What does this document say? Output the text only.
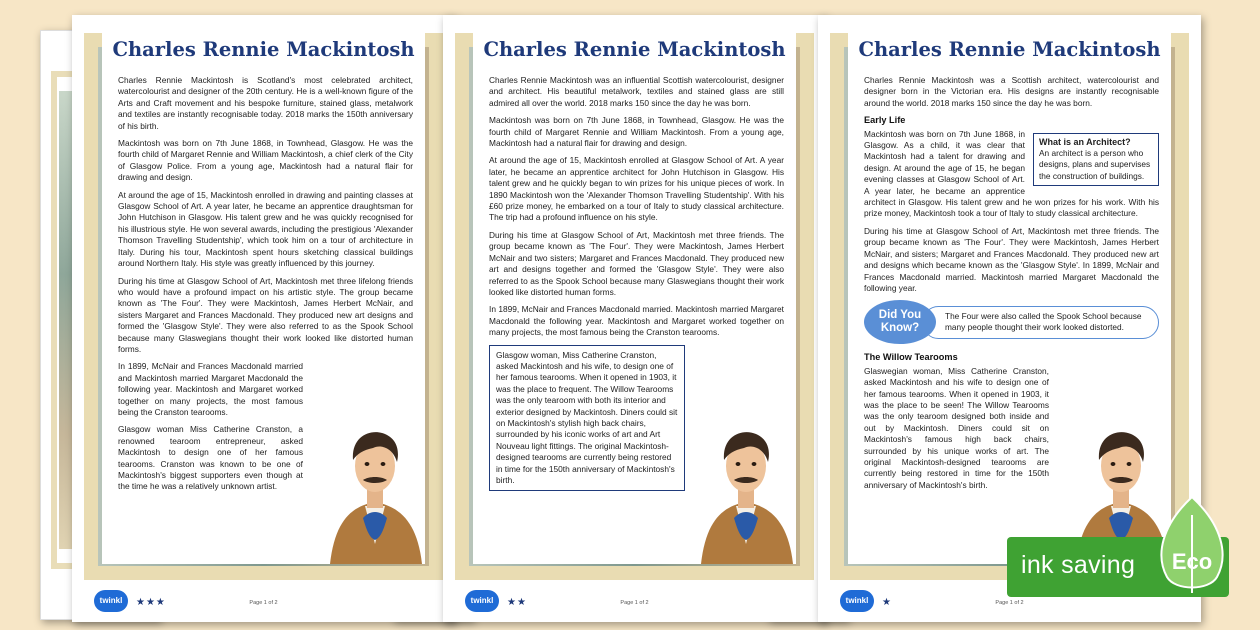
Charles Rennie Mackintosh

Charles Rennie Mackintosh is Scotland's most celebrated architect, watercolourist and designer of the 20th century. He is a well-known figure of the Arts and Craft movement and his bespoke furniture, stained glass, metalwork and textiles are instantly recognisable today. 2018 marks the 150th anniversary of his birth.

Mackintosh was born on 7th June 1868, in Townhead, Glasgow. He was the fourth child of Margaret Rennie and William Mackintosh, a chief clerk of the City of Glasgow Police. From a young age, Mackintosh had a natural flair for drawing and design.

At around the age of 15, Mackintosh enrolled in drawing and painting classes at Glasgow School of Art. A year later, he became an apprentice draughtsman for John Hutchison in Glasgow. His talent grew and he was quickly recognised for his illustrious style. He won several awards, including the prestigious 'Alexander Thomson Travelling Studentship', which took him on a tour of architecture in Italy. During his tour, Mackintosh spent hours sketching classical buildings around Northern Italy. His style was greatly influenced by this journey.

During his time at Glasgow School of Art, Mackintosh met three lifelong friends who would have a profound impact on his artistic style. The group became known as 'The Four'. They were Mackintosh, James Herbert McNair, and sisters Margaret and Frances Macdonald. They produced new art designs and formed the 'Glasgow Style'. They were also referred to as the Spook School because many Glaswegians thought their work looked like distorted human forms.

In 1899, McNair and Frances Macdonald married and Mackintosh married Margaret Macdonald the following year. Mackintosh and Margaret worked together on many projects, the most famous being the Cranston tearooms.

Glasgow woman Miss Catherine Cranston, a renowned tearoom entrepreneur, asked Mackintosh to design one of her famous tearooms. Cranston was known to be one of Mackintosh's biggest supporters even though at the time he was a relatively unknown artist.

twinkl	★★★	Page 1 of 2
Charles Rennie Mackintosh

Charles Rennie Mackintosh was an influential Scottish watercolourist, designer and architect. His beautiful metalwork, textiles and stained glass are still admired all over the world. 2018 marks 150 since the day he was born.

Mackintosh was born on 7th June 1868, in Townhead, Glasgow. He was the fourth child of Margaret Rennie and William Mackintosh. From a young age, Mackintosh had a natural flair for drawing and design.

At around the age of 15, Mackintosh enrolled at Glasgow School of Art. A year later, he became an apprentice architect for John Hutchison in Glasgow. His talent grew and he quickly began to win prizes for his unique pieces of work. In 1890 Mackintosh won the 'Alexander Thomson Travelling Studentship'. With his £60 prize money, he embarked on a tour of Italy to study classical architecture. The trip had a profound influence on his style.

During his time at Glasgow School of Art, Mackintosh met three friends. The group became known as 'The Four'. They were Mackintosh, James Herbert McNair and two sisters; Margaret and Frances Macdonald. They produced new art and designs together and formed the 'Glasgow Style'. They were also referred to as the Spook School because many Glaswegians thought their work looked like distorted human forms.

In 1899, McNair and Frances Macdonald married. Mackintosh married Margaret Macdonald the following year. Mackintosh and Margaret worked together on many projects, the most famous being the Cranston tearooms.

Glasgow woman, Miss Catherine Cranston, asked Mackintosh and his wife, to design one of her famous tearooms. When it opened in 1903, it was the place to frequent. The Willow Tearooms was the only tearoom with both its interior and exterior designed by Mackintosh. Diners could sit on Mackintosh's stylish high back chairs, surrounded by his iconic works of art and Art Nouveau light fittings. The original Mackintosh-designed tearooms are currently being restored in time for the 150th anniversary of Mackintosh's birth.
twinkl	★★	Page 1 of 2
Charles Rennie Mackintosh

Charles Rennie Mackintosh was a Scottish architect, watercolourist and designer born in the Victorian era. His designs are instantly recognisable around the world. 2018 marks 150 since the day he was born.

Early Life
What is an Architect?
An architect is a person who designs, plans and supervises the construction of buildings.

Mackintosh was born on 7th June 1868, in Glasgow. As a child, it was clear that Mackintosh had a talent for drawing and design. At around the age of 15, he began evening classes at Glasgow School of Art. A year later, he became an apprentice architect in Glasgow. His talent grew and he won prizes for his work. With his prize money, Mackintosh took a tour of Italy to study classical architecture.

During his time at Glasgow School of Art, Mackintosh met three friends. The group became known as 'The Four'. They were Mackintosh, James Herbert McNair, and sisters; Margaret and Frances Macdonald. They produced new art and designs which became known as the 'Glasgow Style'. In 1899, McNair and Frances Macdonald married. Mackintosh married Margaret Macdonald the following year.

Did You Know?
The Four were also called the Spook School because many people thought their work looked distorted.
The Willow Tearooms

Glaswegian woman, Miss Catherine Cranston, asked Mackintosh and his wife to design one of her famous tearooms. When it opened in 1903, it was the place to be seen! The Willow Tearooms was the only tearoom designed both inside and out by Mackintosh. Diners could sit on Mackintosh's famous high back chairs, surrounded by his unique works of art. The original Mackintosh-designed tearooms are currently being restored in time for the 150th anniversary of Mackintosh's birth.

twinkl	★	Page 1 of 2
ink saving Eco
